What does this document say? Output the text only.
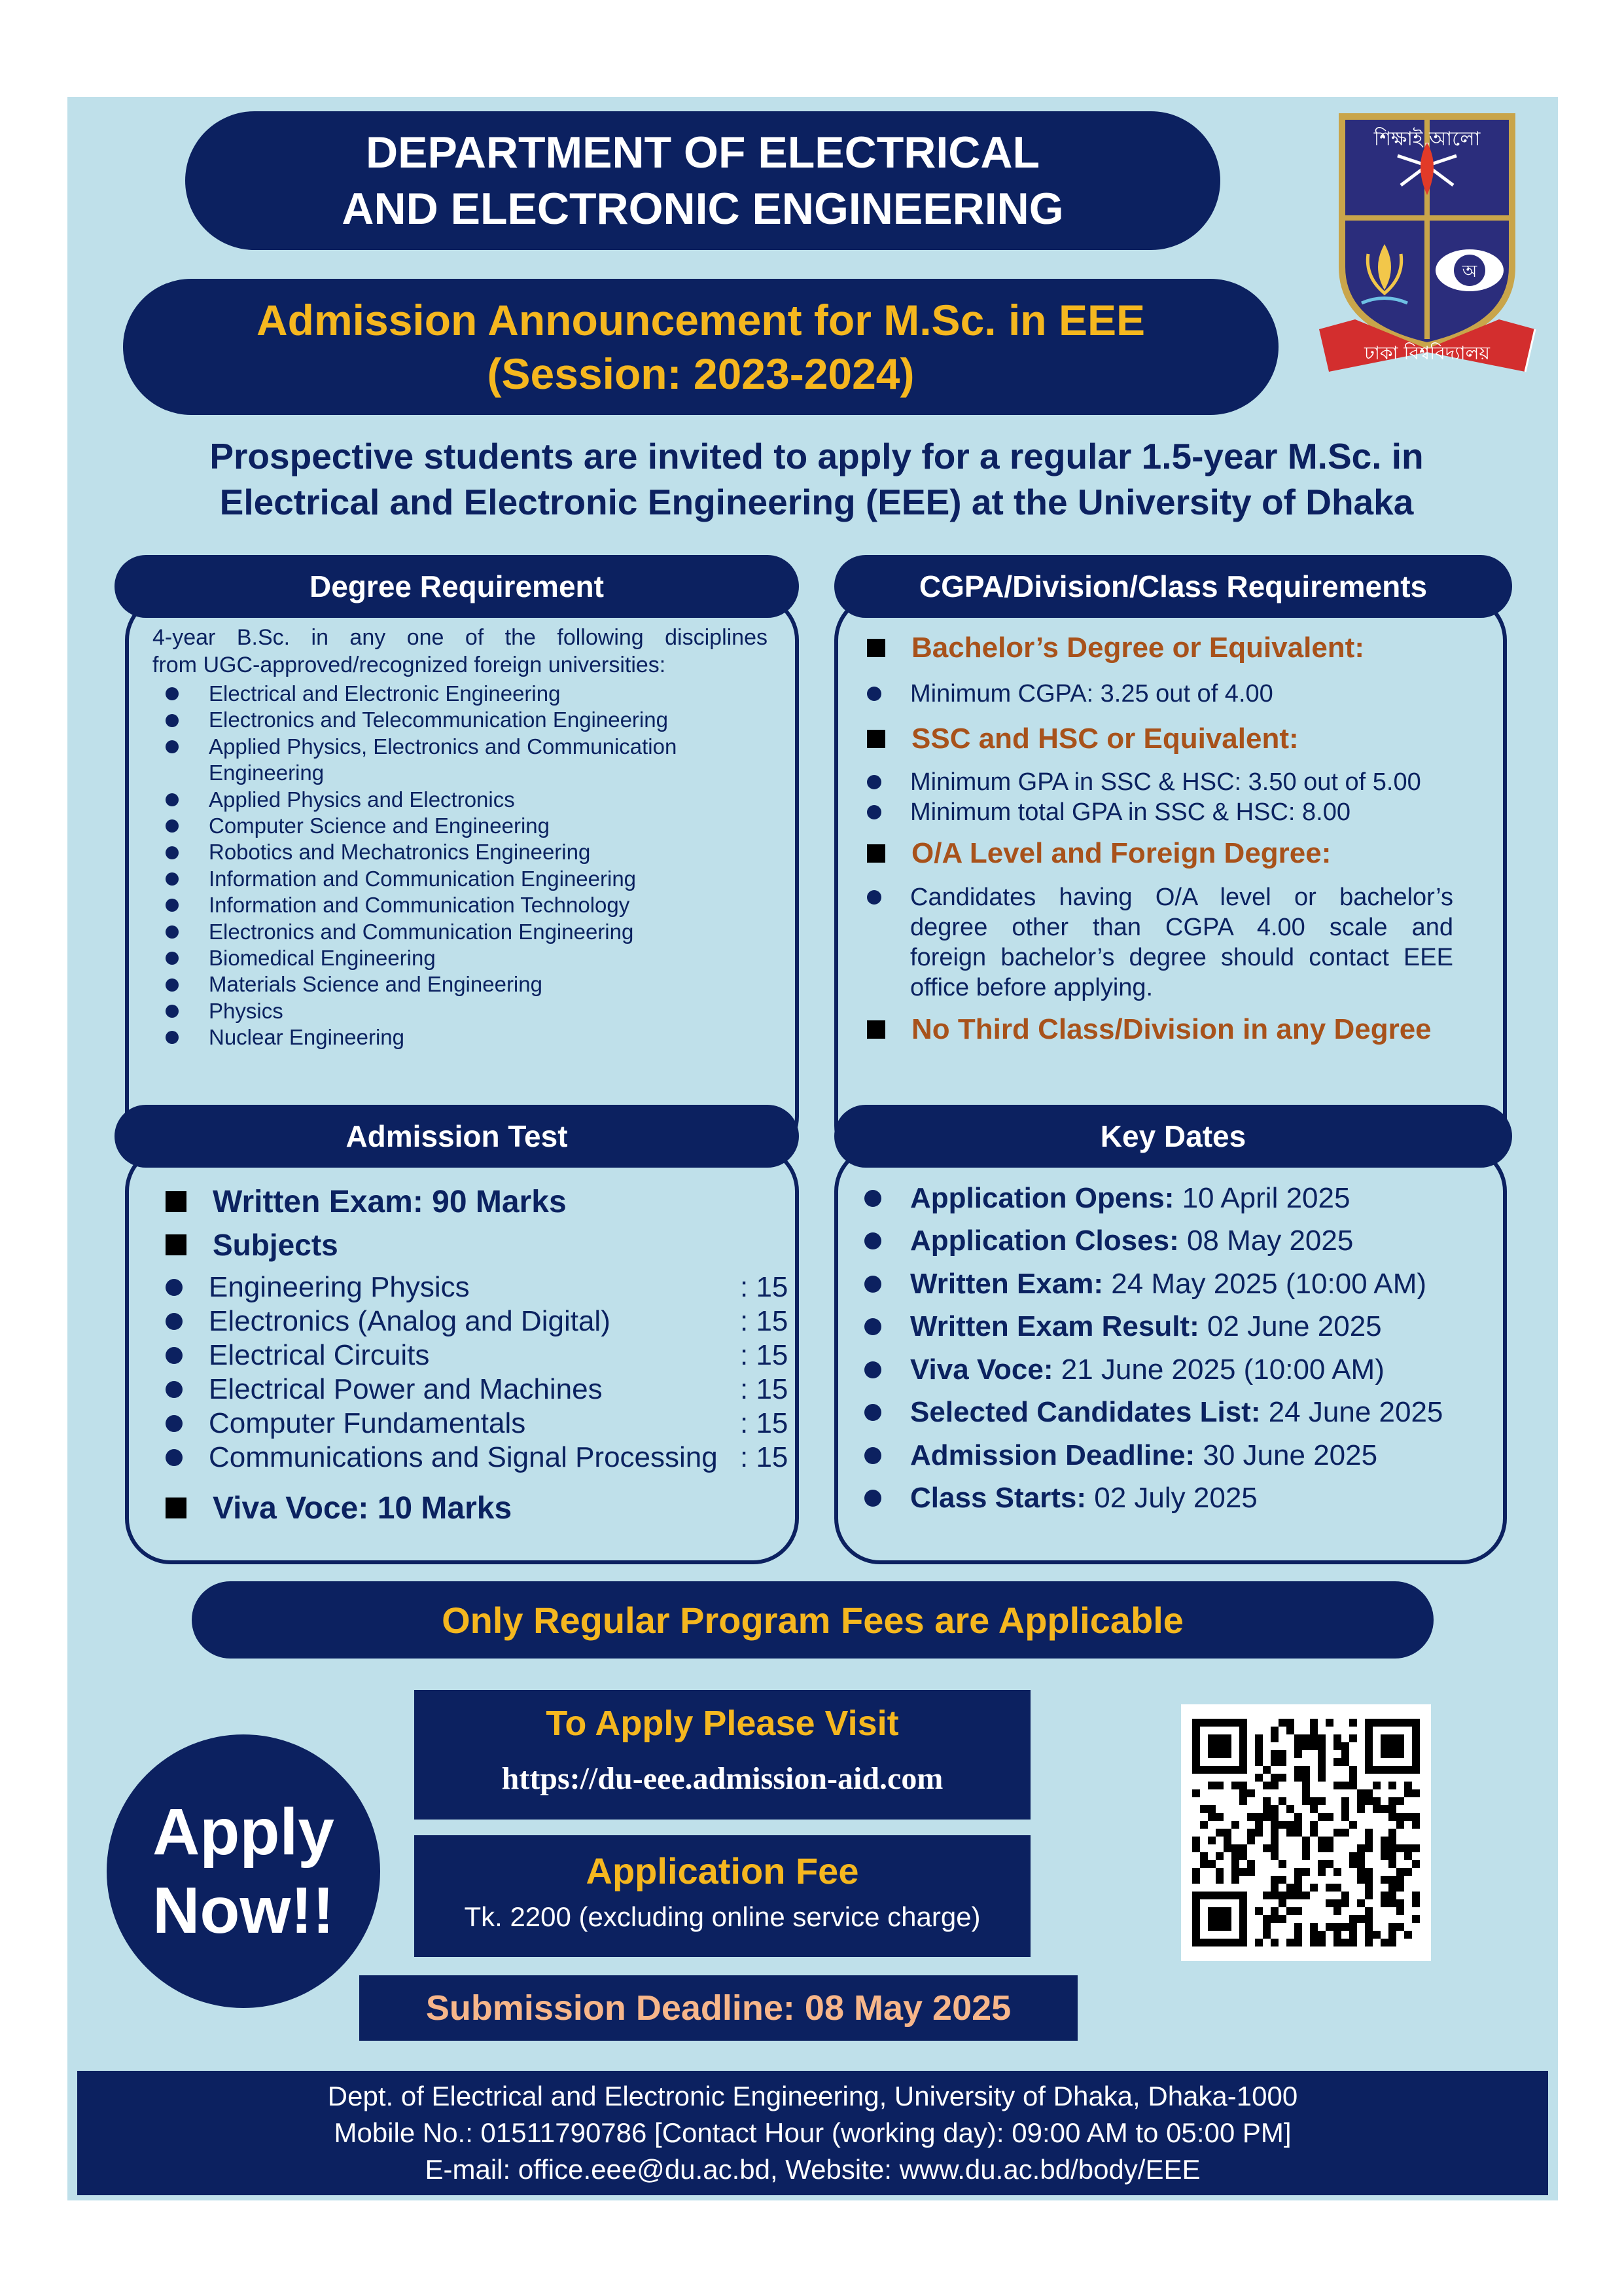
DEPARTMENT OF ELECTRICAL
AND ELECTRONIC ENGINEERING
Admission Announcement for M.Sc. in EEE
(Session: 2023-2024)
শিক্ষাই আলো
অ
ঢাকা বিশ্ববিদ্যালয়
Prospective students are invited to apply for a regular 1.5-year M.Sc. in
Electrical and Electronic Engineering (EEE) at the University of Dhaka
Degree Requirement
4-year B.Sc. in any one of the following disciplines
from UGC-approved/recognized foreign universities:
Electrical and Electronic Engineering
Electronics and Telecommunication Engineering
Applied Physics, Electronics and Communication
Engineering
Applied Physics and Electronics
Computer Science and Engineering
Robotics and Mechatronics Engineering
Information and Communication Engineering
Information and Communication Technology
Electronics and Communication Engineering
Biomedical Engineering
Materials Science and Engineering
Physics
Nuclear Engineering
CGPA/Division/Class Requirements
Bachelor’s Degree or Equivalent:
Minimum CGPA: 3.25 out of 4.00
SSC and HSC or Equivalent:
Minimum GPA in SSC & HSC: 3.50 out of 5.00
Minimum total GPA in SSC & HSC: 8.00
O/A Level and Foreign Degree:
Candidates having O/A level or bachelor’s
degree other than CGPA 4.00 scale and
foreign bachelor’s degree should contact EEE
office before applying.
No Third Class/Division in any Degree
Admission Test
Written Exam: 90 Marks
Subjects
Engineering Physics	: 15
Electronics (Analog and Digital)	: 15
Electrical Circuits	: 15
Electrical Power and Machines	: 15
Computer Fundamentals	: 15
Communications and Signal Processing : 15
Viva Voce: 10 Marks
Key Dates
Application Opens: 10 April 2025
Application Closes: 08 May 2025
Written Exam: 24 May 2025 (10:00 AM)
Written Exam Result: 02 June 2025
Viva Voce: 21 June 2025 (10:00 AM)
Selected Candidates List: 24 June 2025
Admission Deadline: 30 June 2025
Class Starts: 02 July 2025
Only Regular Program Fees are Applicable
Apply
Now!!
To Apply Please Visit
https://du-eee.admission-aid.com
Application Fee
Tk. 2200 (excluding online service charge)
Submission Deadline: 08 May 2025
Dept. of Electrical and Electronic Engineering, University of Dhaka, Dhaka-1000
Mobile No.: 01511790786 [Contact Hour (working day): 09:00 AM to 05:00 PM]
E-mail: office.eee@du.ac.bd, Website: www.du.ac.bd/body/EEE
